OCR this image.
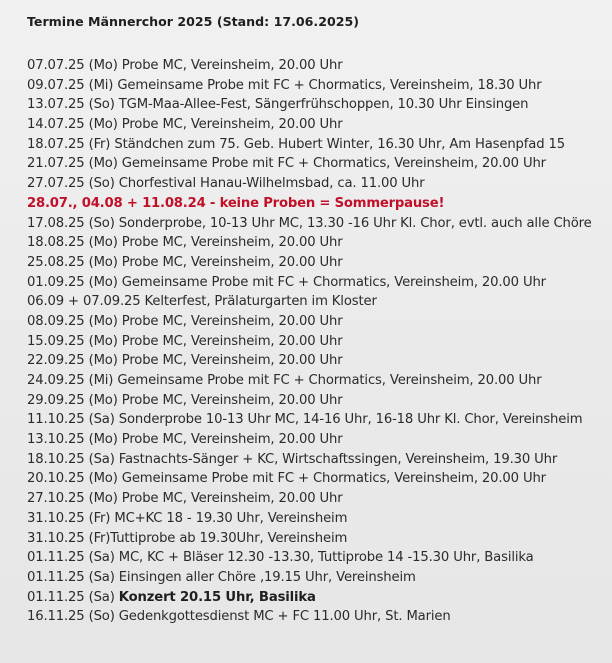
Termine Männerchor 2025 (Stand: 17.06.2025)
07.07.25 (Mo) Probe MC, Vereinsheim, 20.00 Uhr
09.07.25 (Mi) Gemeinsame Probe mit FC + Chormatics, Vereinsheim, 18.30 Uhr
13.07.25 (So) TGM-Maa-Allee-Fest, Sängerfrühschoppen, 10.30 Uhr Einsingen
14.07.25 (Mo) Probe MC, Vereinsheim, 20.00 Uhr
18.07.25 (Fr) Ständchen zum 75. Geb. Hubert Winter, 16.30 Uhr, Am Hasenpfad 15
21.07.25 (Mo) Gemeinsame Probe mit FC + Chormatics, Vereinsheim, 20.00 Uhr
27.07.25 (So) Chorfestival Hanau-Wilhelmsbad, ca. 11.00 Uhr
28.07., 04.08 + 11.08.24 - keine Proben = Sommerpause!
17.08.25 (So) Sonderprobe, 10-13 Uhr MC, 13.30 -16 Uhr Kl. Chor, evtl. auch alle Chöre
18.08.25 (Mo) Probe MC, Vereinsheim, 20.00 Uhr
25.08.25 (Mo) Probe MC, Vereinsheim, 20.00 Uhr
01.09.25 (Mo) Gemeinsame Probe mit FC + Chormatics, Vereinsheim, 20.00 Uhr
06.09 + 07.09.25 Kelterfest, Prälaturgarten im Kloster
08.09.25 (Mo) Probe MC, Vereinsheim, 20.00 Uhr
15.09.25 (Mo) Probe MC, Vereinsheim, 20.00 Uhr
22.09.25 (Mo) Probe MC, Vereinsheim, 20.00 Uhr
24.09.25 (Mi) Gemeinsame Probe mit FC + Chormatics, Vereinsheim, 20.00 Uhr
29.09.25 (Mo) Probe MC, Vereinsheim, 20.00 Uhr
11.10.25 (Sa) Sonderprobe 10-13 Uhr MC, 14-16 Uhr, 16-18 Uhr Kl. Chor, Vereinsheim
13.10.25 (Mo) Probe MC, Vereinsheim, 20.00 Uhr
18.10.25 (Sa) Fastnachts-Sänger + KC, Wirtschaftssingen, Vereinsheim, 19.30 Uhr
20.10.25 (Mo) Gemeinsame Probe mit FC + Chormatics, Vereinsheim, 20.00 Uhr
27.10.25 (Mo) Probe MC, Vereinsheim, 20.00 Uhr
31.10.25 (Fr) MC+KC 18 - 19.30 Uhr, Vereinsheim
31.10.25 (Fr)Tuttiprobe ab 19.30Uhr, Vereinsheim
01.11.25 (Sa) MC, KC + Bläser 12.30 -13.30, Tuttiprobe 14 -15.30 Uhr, Basilika
01.11.25 (Sa) Einsingen aller Chöre ,19.15 Uhr, Vereinsheim
01.11.25 (Sa) Konzert 20.15 Uhr, Basilika
16.11.25 (So) Gedenkgottesdienst MC + FC 11.00 Uhr, St. Marien
